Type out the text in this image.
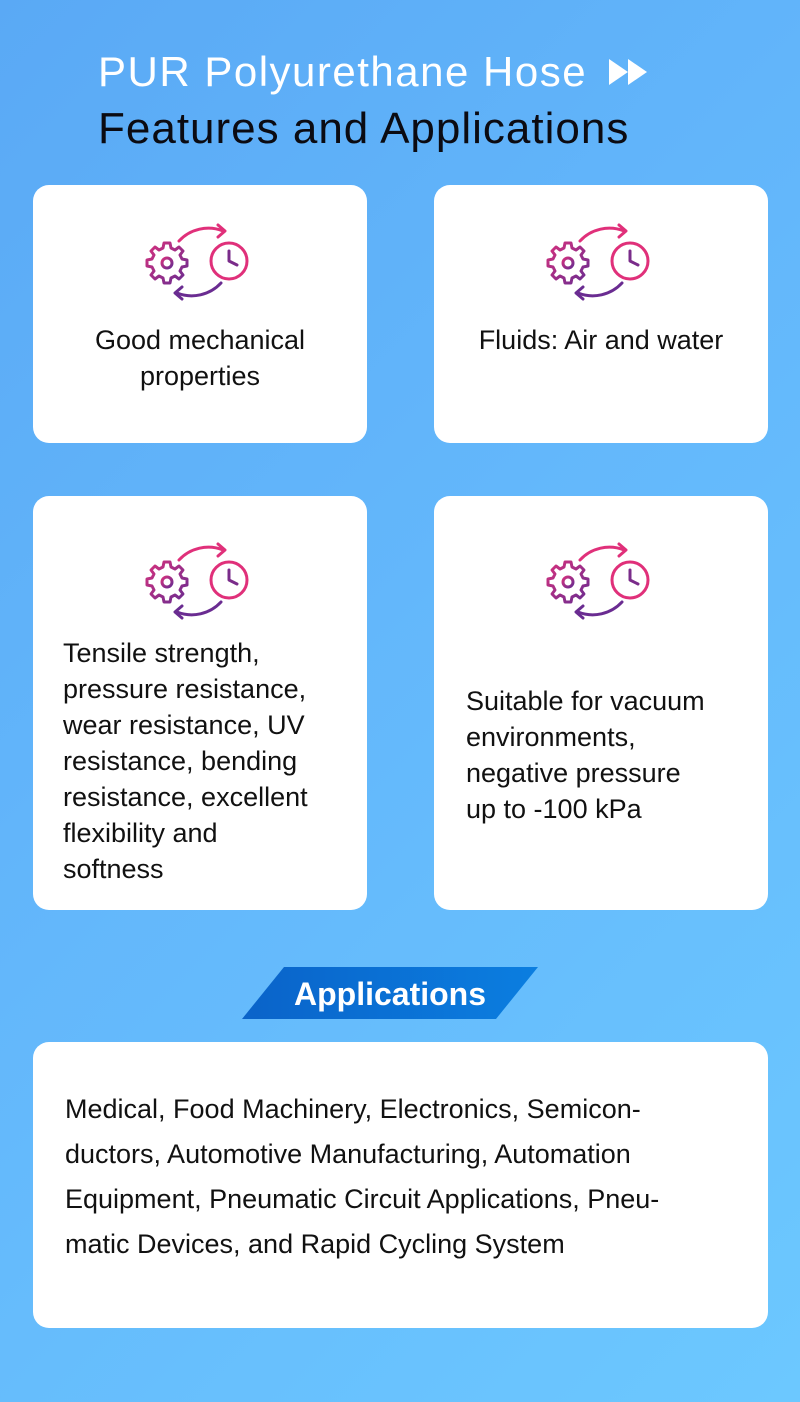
PUR Polyurethane Hose
Features and Applications
Good mechanical
properties
Fluids: Air and water
Tensile strength,
pressure resistance,
wear resistance, UV
resistance, bending
resistance, excellent
flexibility and
softness
Suitable for vacuum
environments,
negative pressure
up to -100 kPa
Applications
Medical, Food Machinery, Electronics, Semicon-
ductors, Automotive Manufacturing, Automation
Equipment, Pneumatic Circuit Applications, Pneu-
matic Devices, and Rapid Cycling System
